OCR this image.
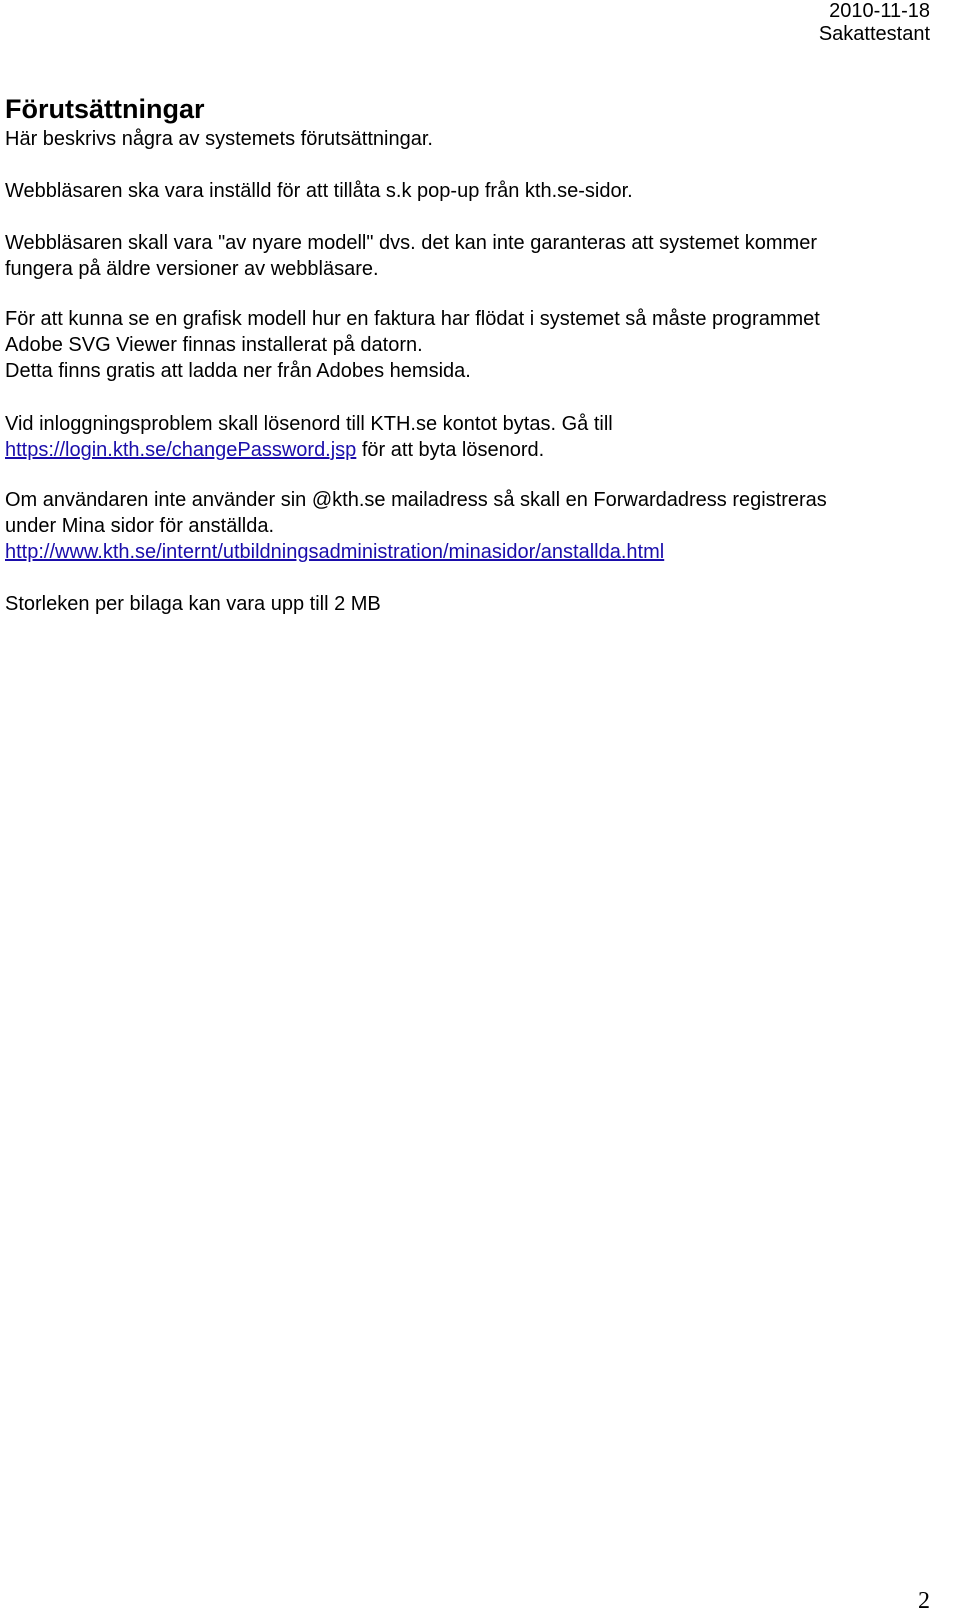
2010-11-18
Sakattestant
Förutsättningar

Här beskrivs några av systemets förutsättningar.

Webbläsaren ska vara inställd för att tillåta s.k pop-up från kth.se-sidor.

Webbläsaren skall vara "av nyare modell" dvs. det kan inte garanteras att systemet kommer
fungera på äldre versioner av webbläsare.

För att kunna se en grafisk modell hur en faktura har flödat i systemet så måste programmet
Adobe SVG Viewer finnas installerat på datorn.
Detta finns gratis att ladda ner från Adobes hemsida.

Vid inloggningsproblem skall lösenord till KTH.se kontot bytas. Gå till
https://login.kth.se/changePassword.jsp för att byta lösenord.

Om användaren inte använder sin @kth.se mailadress så skall en Forwardadress registreras
under Mina sidor för anställda.
http://www.kth.se/internt/utbildningsadministration/minasidor/anstallda.html

Storleken per bilaga kan vara upp till 2 MB

2
